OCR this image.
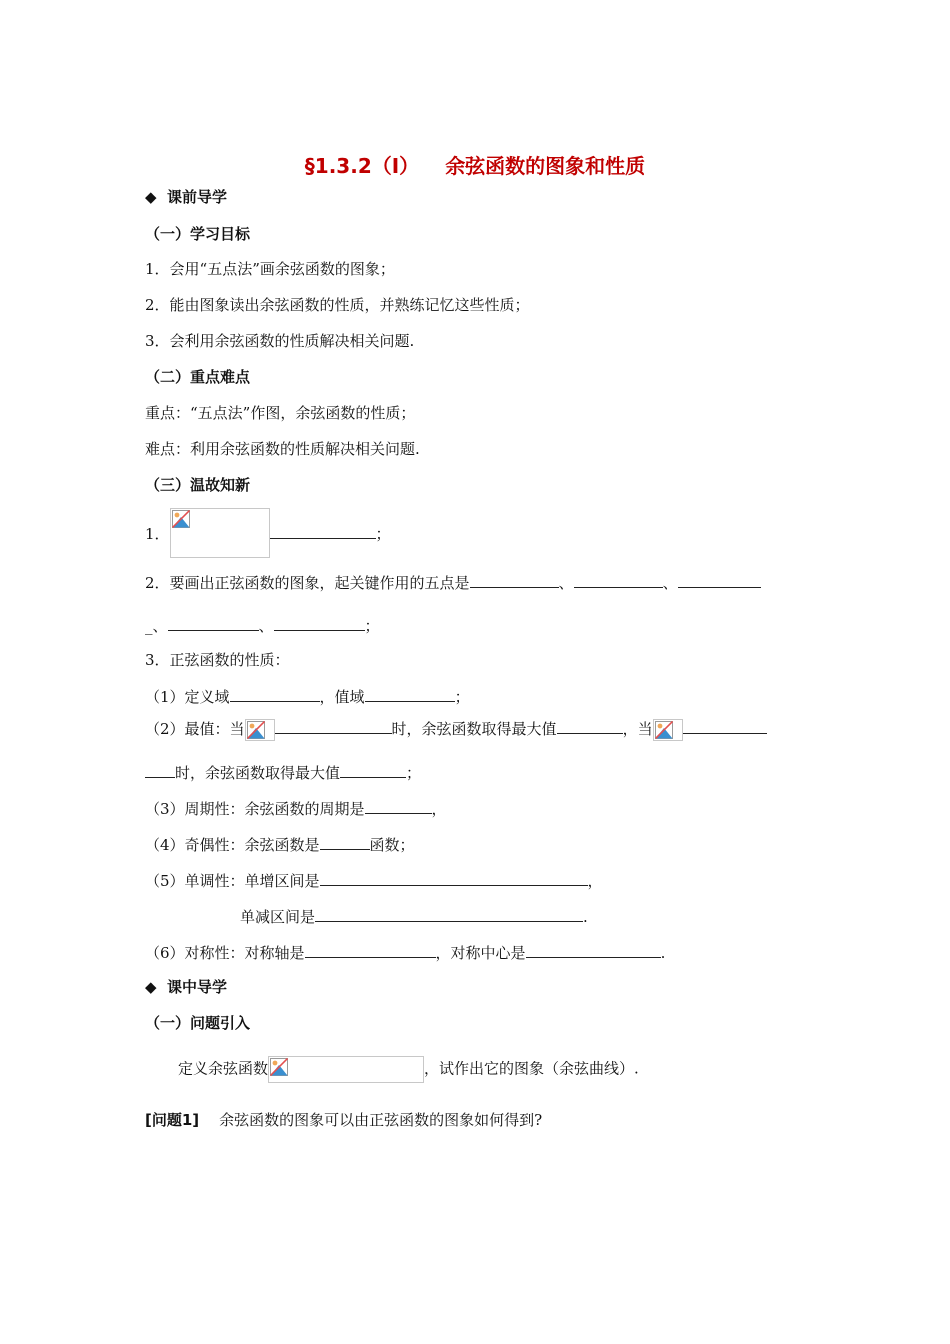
§1.3.2（I） 余弦函数的图象和性质
◆ 课前导学
（一）学习目标
1．会用“五点法”画余弦函数的图象；
2．能由图象读出余弦函数的性质，并熟练记忆这些性质；
3．会利用余弦函数的性质解决相关问题.
（二）重点难点
重点：“五点法”作图，余弦函数的性质；
难点：利用余弦函数的性质解决相关问题.
（三）温故知新
1．	；
2．要画出正弦函数的图象，起关键作用的五点是	、	、
_、	、	；
3．正弦函数的性质：
（1）定义域	，值域	；
（2）最值：当	时，余弦函数取得最大值	，当
时，余弦函数取得最大值	；
（3）周期性：余弦函数的周期是	，
（4）奇偶性：余弦函数是	函数；
（5）单调性：单增区间是	，
单减区间是	.
（6）对称性：对称轴是	，对称中心是	.
◆ 课中导学
（一）问题引入
定义余弦函数	，试作出它的图象（余弦曲线）.
[问题1] 余弦函数的图象可以由正弦函数的图象如何得到?
